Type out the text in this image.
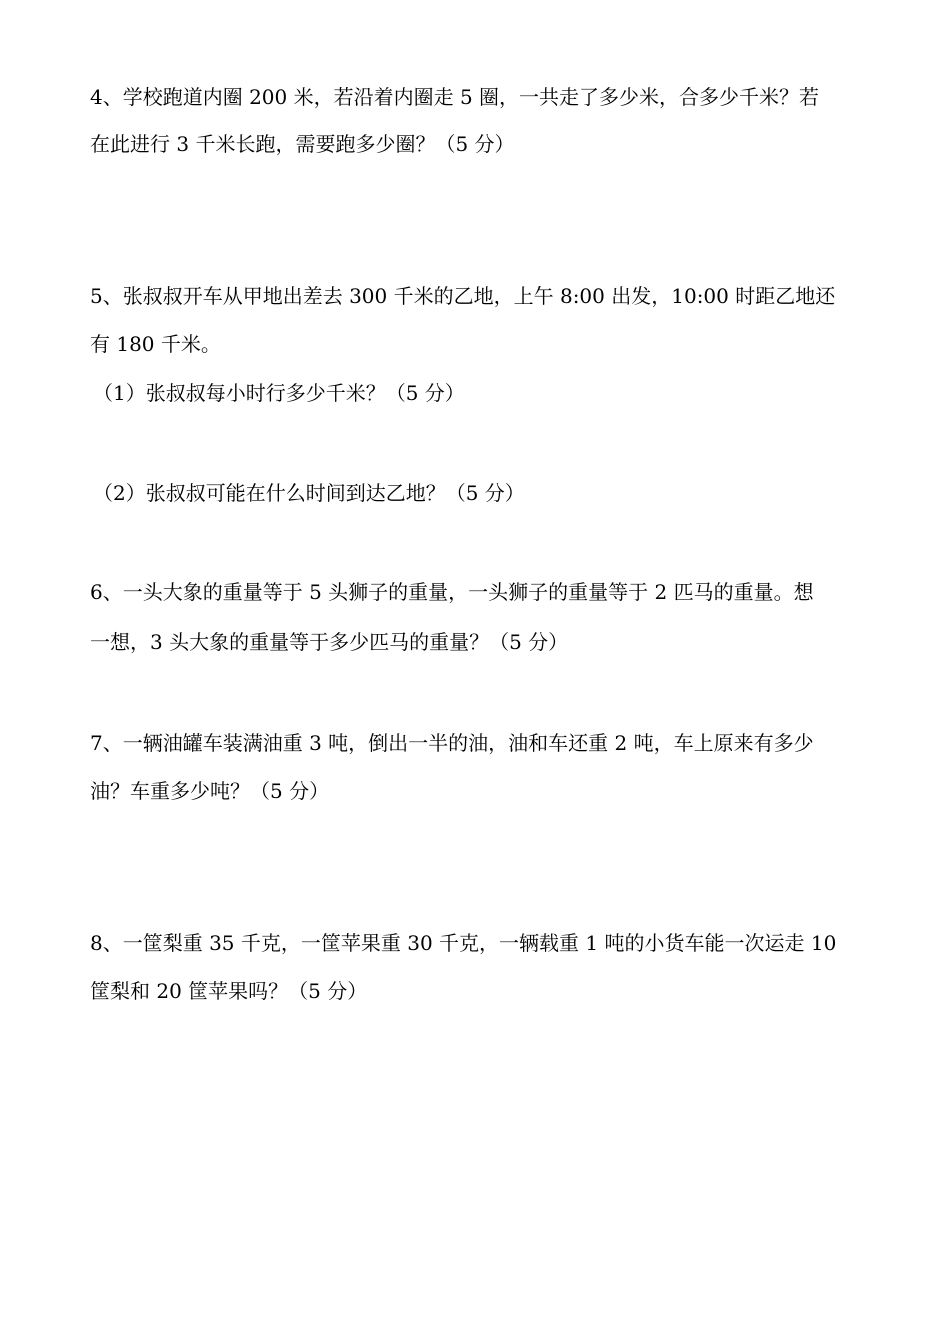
4、学校跑道内圈 200 米，若沿着内圈走 5 圈，一共走了多少米，合多少千米？若
在此进行 3 千米长跑，需要跑多少圈？（5 分）
5、张叔叔开车从甲地出差去 300 千米的乙地，上午 8:00 出发，10:00 时距乙地还
有 180 千米。
（1）张叔叔每小时行多少千米？（5 分）
（2）张叔叔可能在什么时间到达乙地？（5 分）
6、一头大象的重量等于 5 头狮子的重量，一头狮子的重量等于 2 匹马的重量。想
一想，3 头大象的重量等于多少匹马的重量？（5 分）
7、一辆油罐车装满油重 3 吨，倒出一半的油，油和车还重 2 吨，车上原来有多少
油？车重多少吨？（5 分）
8、一筐梨重 35 千克，一筐苹果重 30 千克，一辆载重 1 吨的小货车能一次运走 10
筐梨和 20 筐苹果吗？（5 分）
